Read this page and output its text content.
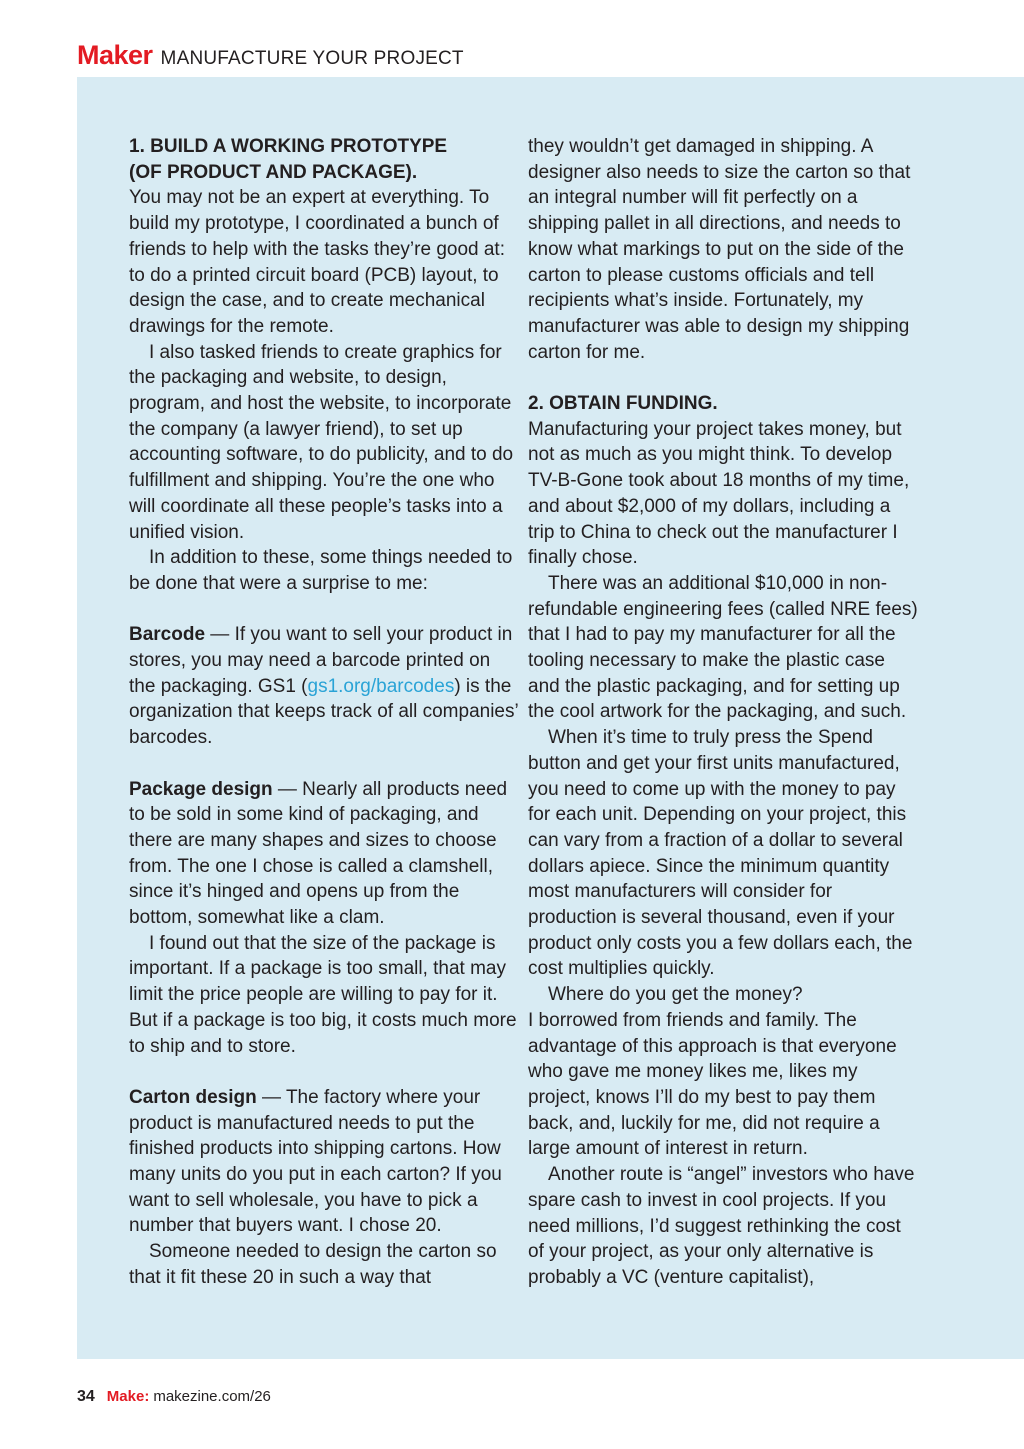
Maker MANUFACTURE YOUR PROJECT

1. BUILD A WORKING PROTOTYPE
(OF PRODUCT AND PACKAGE).

You may not be an expert at everything. To build my prototype, I coordinated a bunch of friends to help with the tasks they’re good at: to do a printed circuit board (PCB) layout, to design the case, and to create mechanical drawings for the remote.

I also tasked friends to create graphics for the packaging and website, to design, program, and host the website, to incorporate the company (a lawyer friend), to set up accounting software, to do publicity, and to do fulfillment and shipping. You’re the one who will coordinate all these people’s tasks into a unified vision.

In addition to these, some things needed to be done that were a surprise to me:

Barcode — If you want to sell your product in stores, you may need a barcode printed on the packaging. GS1 (gs1.org/barcodes) is the organization that keeps track of all companies’ barcodes.

Package design — Nearly all products need to be sold in some kind of packaging, and there are many shapes and sizes to choose from. The one I chose is called a clamshell, since it’s hinged and opens up from the bottom, somewhat like a clam.

I found out that the size of the package is important. If a package is too small, that may limit the price people are willing to pay for it. But if a package is too big, it costs much more to ship and to store.

Carton design — The factory where your product is manufactured needs to put the finished products into shipping cartons. How many units do you put in each carton? If you want to sell wholesale, you have to pick a number that buyers want. I chose 20.

Someone needed to design the carton so that it fit these 20 in such a way that

they wouldn’t get damaged in shipping. A designer also needs to size the carton so that an integral number will fit perfectly on a shipping pallet in all directions, and needs to know what markings to put on the side of the carton to please customs officials and tell recipients what’s inside. Fortunately, my manufacturer was able to design my shipping carton for me.

2. OBTAIN FUNDING.

Manufacturing your project takes money, but not as much as you might think. To develop TV-B-Gone took about 18 months of my time, and about $2,000 of my dollars, including a trip to China to check out the manufacturer I finally chose.

There was an additional $10,000 in non-refundable engineering fees (called NRE fees) that I had to pay my manufacturer for all the tooling necessary to make the plastic case and the plastic packaging, and for setting up the cool artwork for the packaging, and such.

When it’s time to truly press the Spend button and get your first units manufactured, you need to come up with the money to pay for each unit. Depending on your project, this can vary from a fraction of a dollar to several dollars apiece. Since the minimum quantity most manufacturers will consider for production is several thousand, even if your product only costs you a few dollars each, the cost multiplies quickly.

Where do you get the money?

I borrowed from friends and family. The advantage of this approach is that everyone who gave me money likes me, likes my project, knows I’ll do my best to pay them back, and, luckily for me, did not require a large amount of interest in return.

Another route is “angel” investors who have spare cash to invest in cool projects. If you need millions, I’d suggest rethinking the cost of your project, as your only alternative is probably a VC (venture capitalist),

34 Make: makezine.com/26
